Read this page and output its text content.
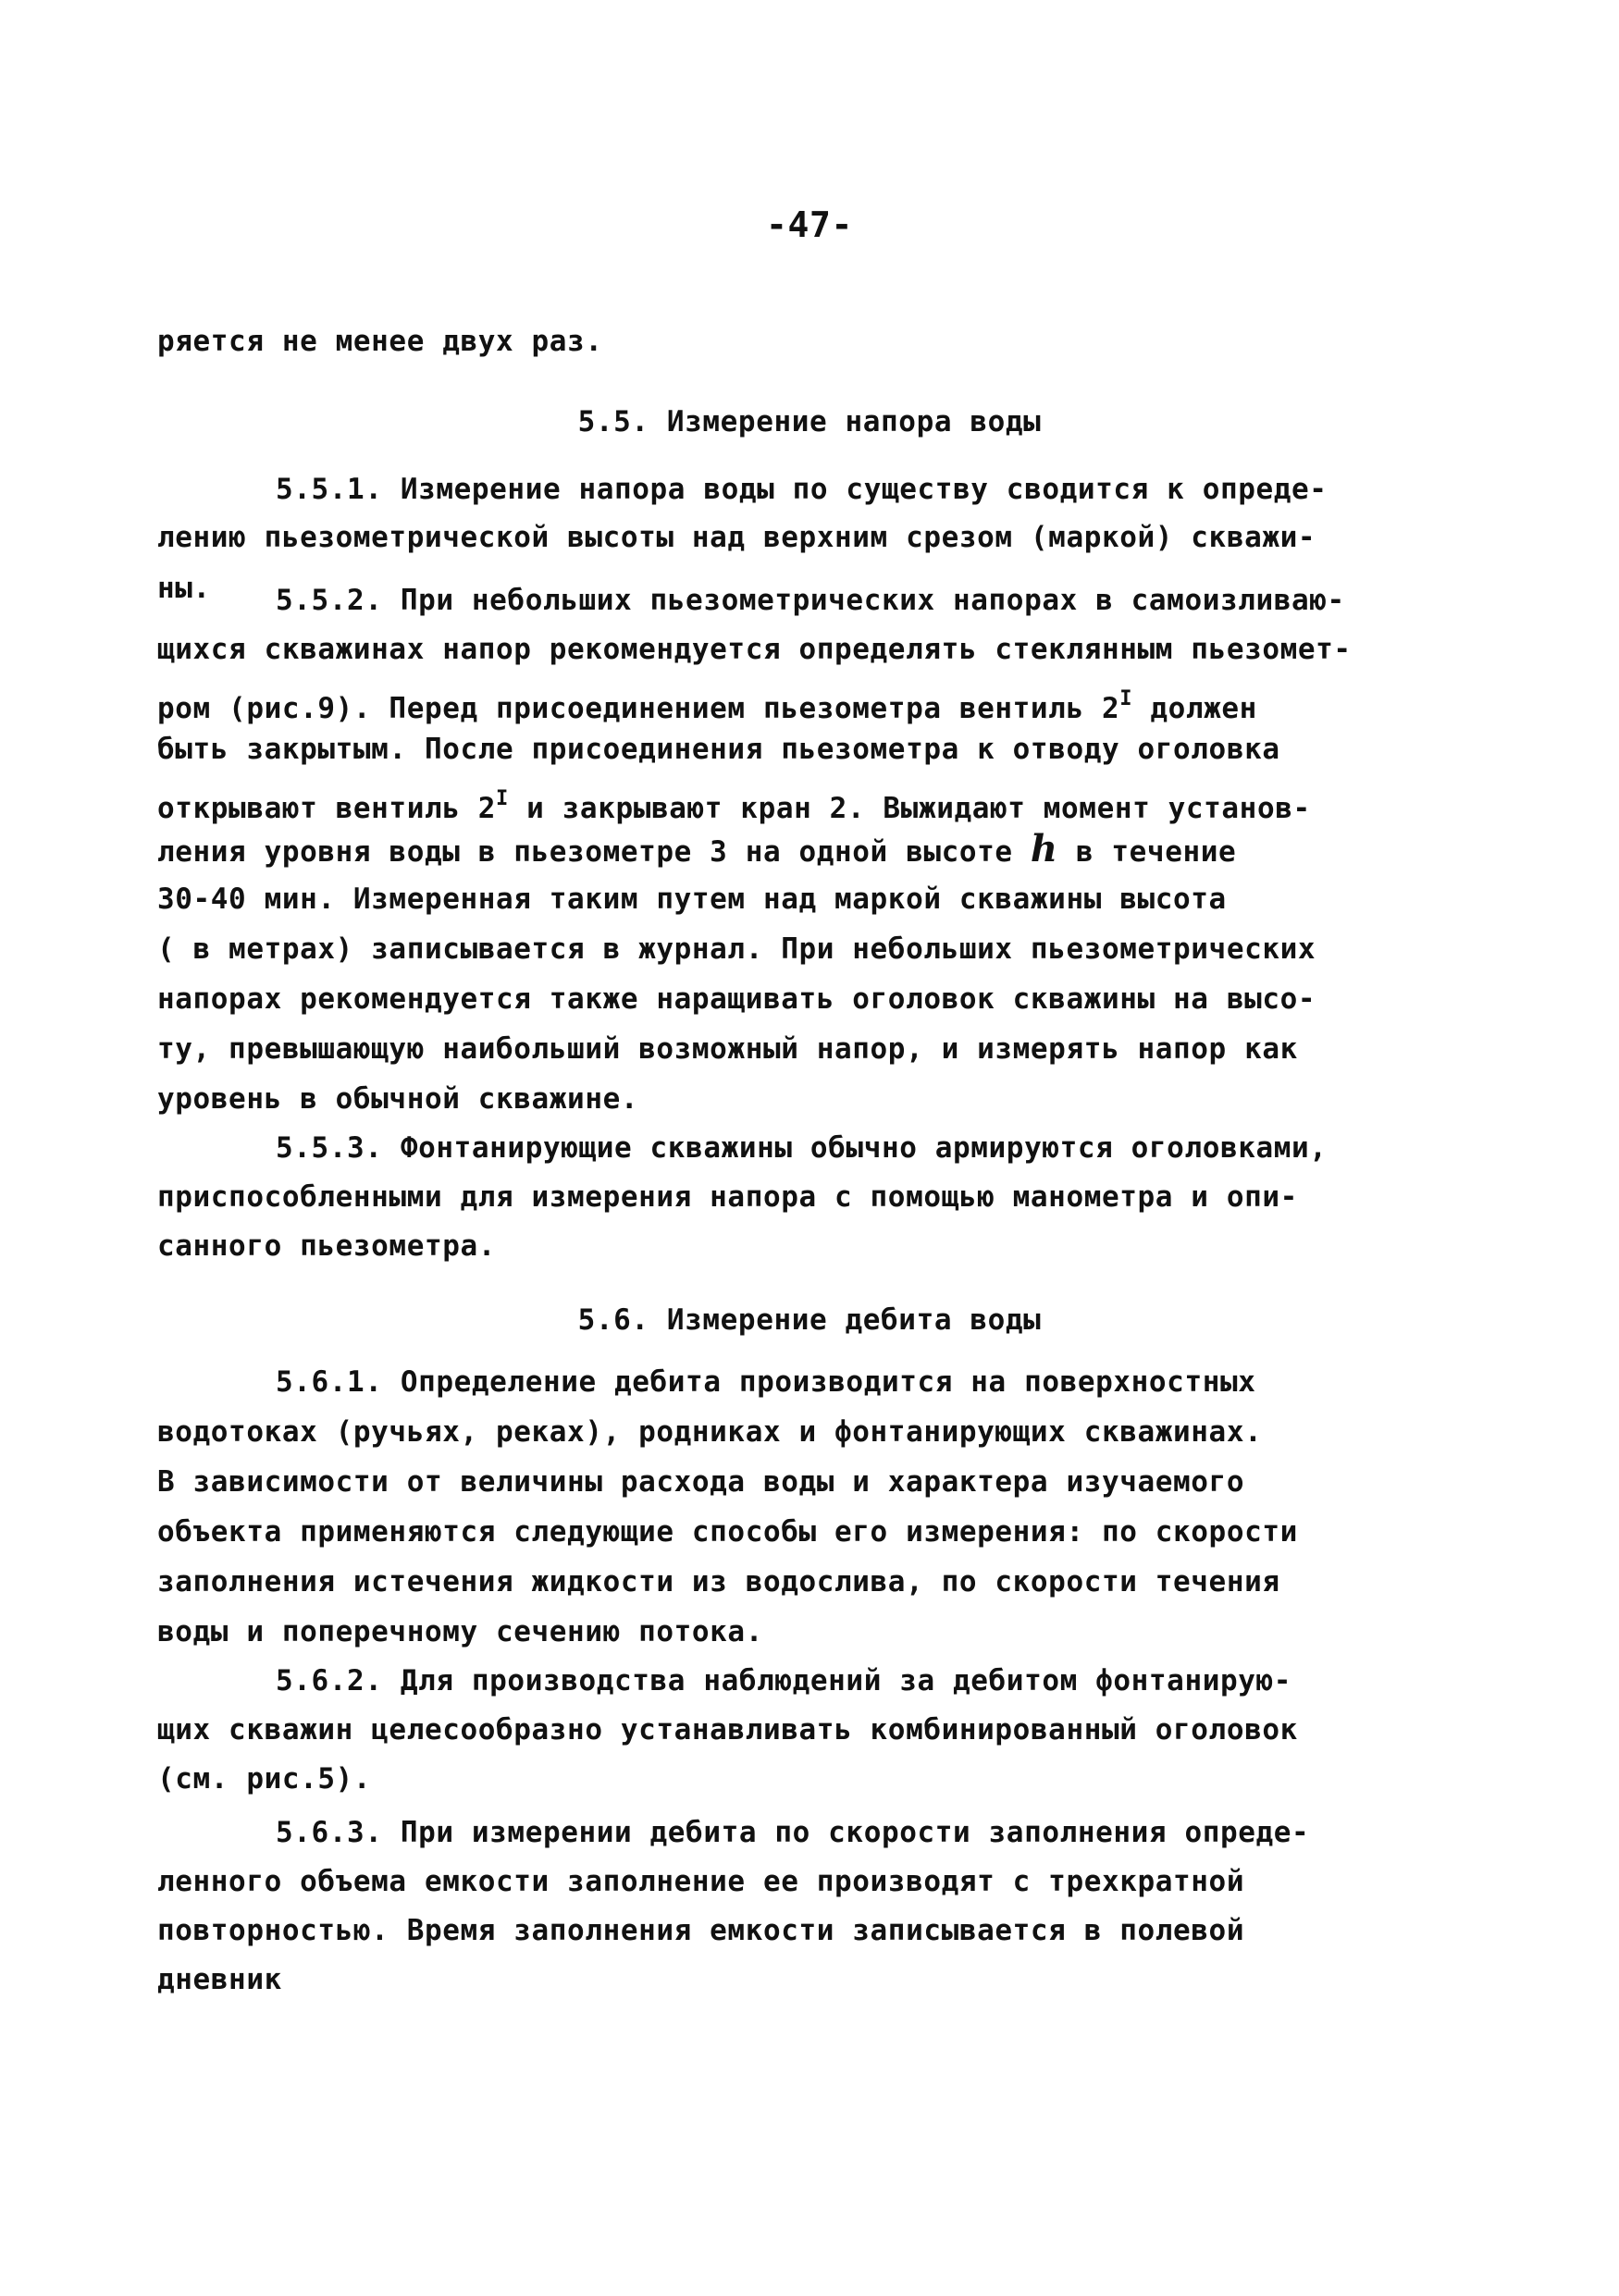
-47-
ряется не менее двух раз.
5.5. Измерение напора воды
5.5.1. Измерение напора воды по существу сводится к опреде-
лению пьезометрической высоты над верхним срезом (маркой) скважи-
ны. 5.5.2. При небольших пьезометрических напорах в самоизливаю-
щихся скважинах напор рекомендуется определять стеклянным пьезомет-
ром (рис.9). Перед присоединением пьезометра вентиль $2^I$ должен
быть закрытым. После присоединения пьезометра к отводу оголовка
открывают вентиль $2^I$ и закрывают кран 2. Выжидают момент установ-
ления уровня воды в пьезометре 3 на одной высоте h в течение
30-40 мин. Измеренная таким путем над маркой скважины высота
( в метрах) записывается в журнал. При небольших пьезометрических
напорах рекомендуется также наращивать оголовок скважины на высо-
ту, превышающую наибольший возможный напор, и измерять напор как
уровень в обычной скважине.
5.5.3. Фонтанирующие скважины обычно армируются оголовками,
приспособленными для измерения напора с помощью манометра и опи-
санного пьезометра.
5.6. Измерение дебита воды
5.6.1. Определение дебита производится на поверхностных
водотоках (ручьях, реках), родниках и фонтанирующих скважинах.
В зависимости от величины расхода воды и характера изучаемого
объекта применяются следующие способы его измерения: по скорости
заполнения истечения жидкости из водослива, по скорости течения
воды и поперечному сечению потока.
5.6.2. Для производства наблюдений за дебитом фонтанирую-
щих скважин целесообразно устанавливать комбинированный оголовок
(см. рис.5).
5.6.3. При измерении дебита по скорости заполнения опреде-
ленного объема емкости заполнение ее производят с трехкратной
повторностью. Время заполнения емкости записывается в полевой
дневник
